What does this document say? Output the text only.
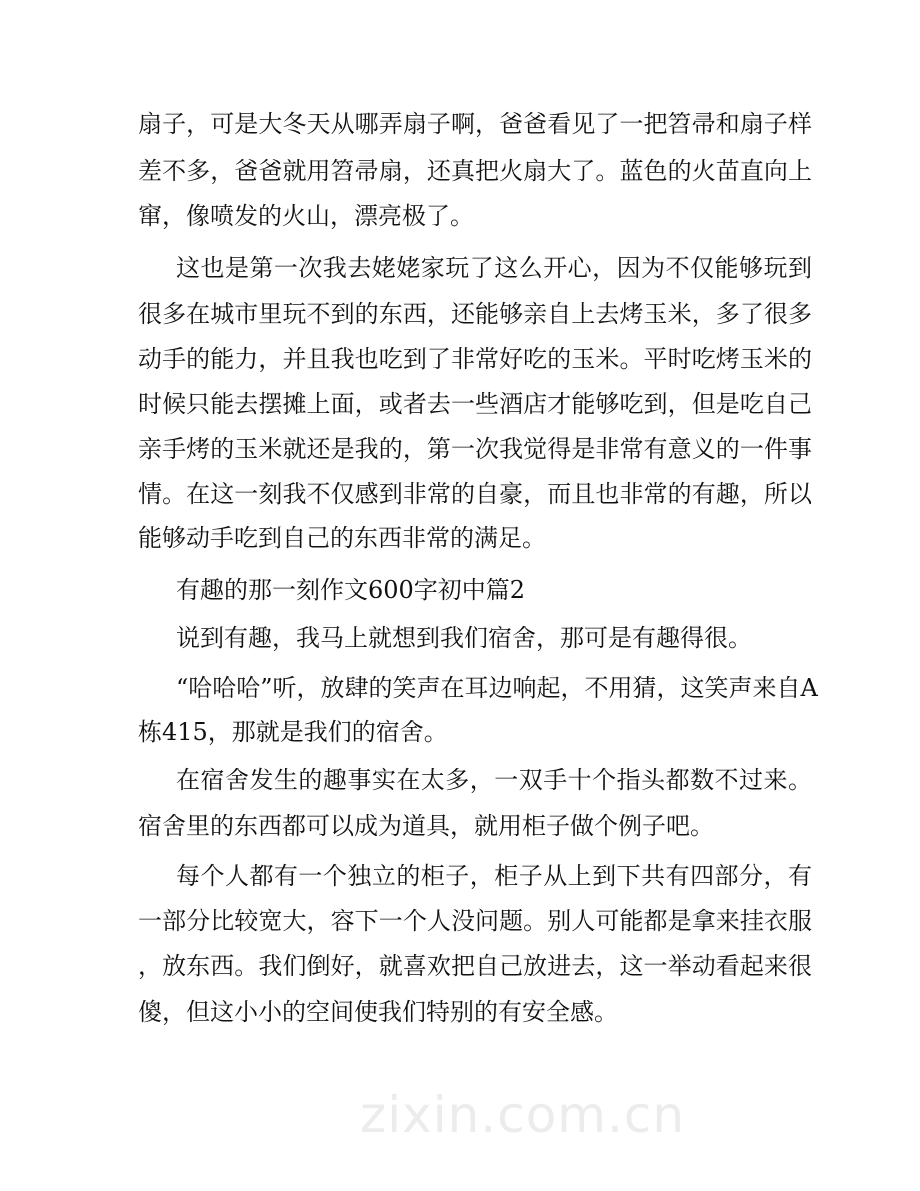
zixin.com.cn
扇子，可是大冬天从哪弄扇子啊，爸爸看见了一把笤帚和扇子样
差不多，爸爸就用笤帚扇，还真把火扇大了。蓝色的火苗直向上
窜，像喷发的火山，漂亮极了。
这也是第一次我去姥姥家玩了这么开心，因为不仅能够玩到
很多在城市里玩不到的东西，还能够亲自上去烤玉米，多了很多
动手的能力，并且我也吃到了非常好吃的玉米。平时吃烤玉米的
时候只能去摆摊上面，或者去一些酒店才能够吃到，但是吃自己
亲手烤的玉米就还是我的，第一次我觉得是非常有意义的一件事
情。在这一刻我不仅感到非常的自豪，而且也非常的有趣，所以
能够动手吃到自己的东西非常的满足。
有趣的那一刻作文600字初中篇2
说到有趣，我马上就想到我们宿舍，那可是有趣得很。
“哈哈哈”听，放肆的笑声在耳边响起，不用猜，这笑声来自A
栋415，那就是我们的宿舍。
在宿舍发生的趣事实在太多，一双手十个指头都数不过来。
宿舍里的东西都可以成为道具，就用柜子做个例子吧。
每个人都有一个独立的柜子，柜子从上到下共有四部分，有
一部分比较宽大，容下一个人没问题。别人可能都是拿来挂衣服
，放东西。我们倒好，就喜欢把自己放进去，这一举动看起来很
傻，但这小小的空间使我们特别的有安全感。
